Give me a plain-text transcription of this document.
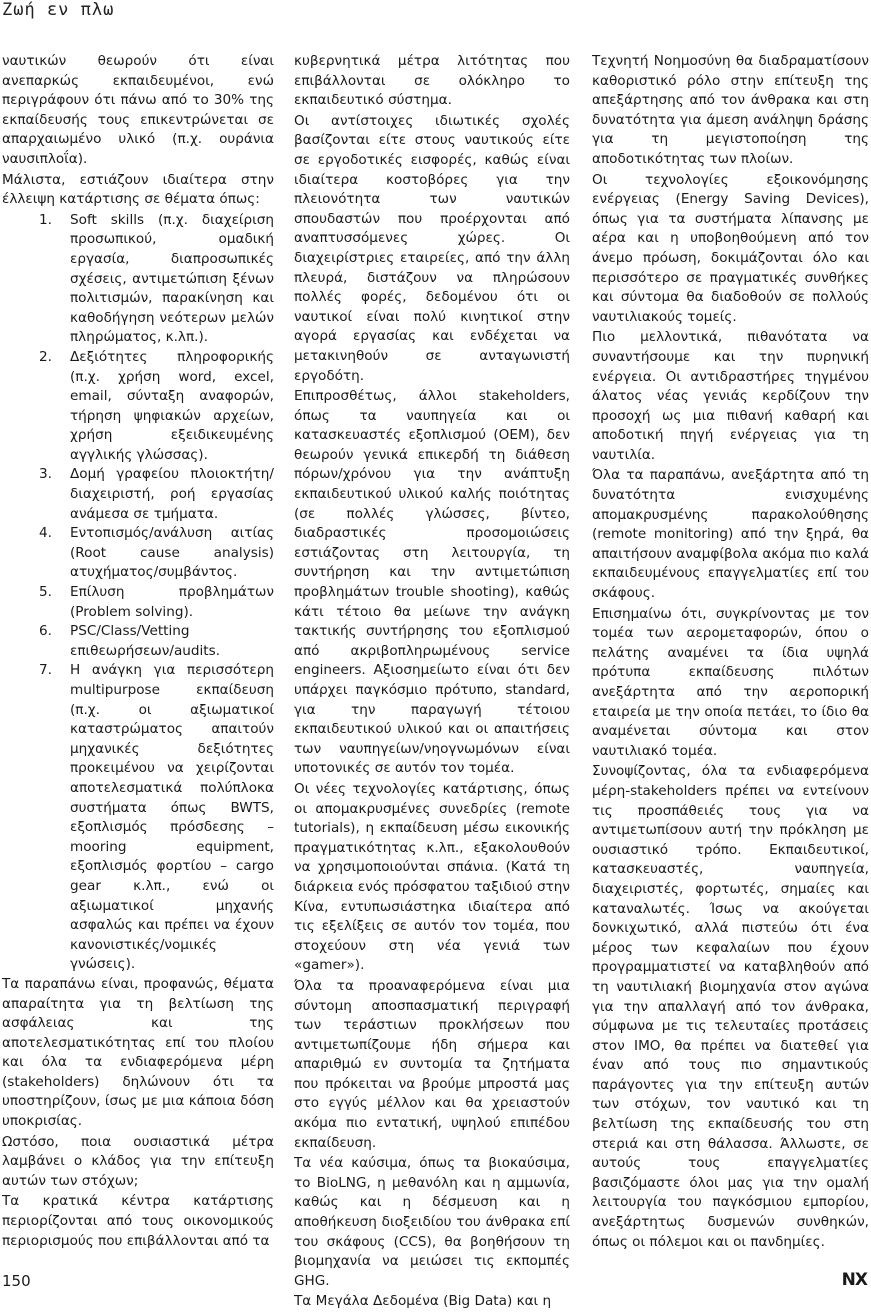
Ζωή εν πλω

ναυτικών θεωρούν ότι είναι ανεπαρκώς εκπαιδευμένοι, ενώ περιγράφουν ότι πάνω από το 30% της εκπαίδευσής τους επικεντρώνεται σε απαρχαιωμένο υλικό (π.χ. ουράνια ναυσιπλοΐα).

Μάλιστα, εστιάζουν ιδιαίτερα στην έλλειψη κατάρτισης σε θέματα όπως:

1. Soft skills (π.χ. διαχείριση προσωπικού, ομαδική εργασία, διαπροσωπικές σχέσεις, αντιμετώπιση ξένων πολιτισμών, παρακίνηση και καθοδήγηση νεότερων μελών πληρώματος, κ.λπ.).
2. Δεξιότητες πληροφορικής (π.χ. χρήση word, excel, email, σύνταξη αναφορών, τήρηση ψηφιακών αρχείων, χρήση εξειδικευμένης αγγλικής γλώσσας).
3. Δομή γραφείου πλοιοκτήτη/διαχειριστή, ροή εργασίας ανάμεσα σε τμήματα.
4. Εντοπισμός/ανάλυση αιτίας (Root cause analysis) ατυχήματος/συμβάντος.
5. Επίλυση προβλημάτων (Problem solving).
6. PSC/Class/Vetting επιθεωρήσεων/audits.
7. Η ανάγκη για περισσότερη multipurpose εκπαίδευση (π.χ. οι αξιωματικοί καταστρώματος απαιτούν μηχανικές δεξιότητες προκειμένου να χειρίζονται αποτελεσματικά πολύπλοκα συστήματα όπως BWTS, εξοπλισμός πρόσδεσης – mooring equipment, εξοπλισμός φορτίου – cargo gear κ.λπ., ενώ οι αξιωματικοί μηχανής ασφαλώς και πρέπει να έχουν κανονιστικές/νομικές γνώσεις).

Τα παραπάνω είναι, προφανώς, θέματα απαραίτητα για τη βελτίωση της ασφάλειας και της αποτελεσματικότητας επί του πλοίου και όλα τα ενδιαφερόμενα μέρη (stakeholders) δηλώνουν ότι τα υποστηρίζουν, ίσως με μια κάποια δόση υποκρισίας.

Ωστόσο, ποια ουσιαστικά μέτρα λαμβάνει ο κλάδος για την επίτευξη αυτών των στόχων;

Τα κρατικά κέντρα κατάρτισης περιορίζονται από τους οικονομικούς περιορισμούς που επιβάλλονται από τα

κυβερνητικά μέτρα λιτότητας που επιβάλλονται σε ολόκληρο το εκπαιδευτικό σύστημα.

Οι αντίστοιχες ιδιωτικές σχολές βασίζονται είτε στους ναυτικούς είτε σε εργοδοτικές εισφορές, καθώς είναι ιδιαίτερα κοστοβόρες για την πλειονότητα των ναυτικών σπουδαστών που προέρχονται από αναπτυσσόμενες χώρες. Οι διαχειρίστριες εταιρείες, από την άλλη πλευρά, διστάζουν να πληρώσουν πολλές φορές, δεδομένου ότι οι ναυτικοί είναι πολύ κινητικοί στην αγορά εργασίας και ενδέχεται να μετακινηθούν σε ανταγωνιστή εργοδότη.

Επιπροσθέτως, άλλοι stakeholders, όπως τα ναυπηγεία και οι κατασκευαστές εξοπλισμού (OEM), δεν θεωρούν γενικά επικερδή τη διάθεση πόρων/χρόνου για την ανάπτυξη εκπαιδευτικού υλικού καλής ποιότητας (σε πολλές γλώσσες, βίντεο, διαδραστικές προσομοιώσεις εστιάζοντας στη λειτουργία, τη συντήρηση και την αντιμετώπιση προβλημάτων trouble shooting), καθώς κάτι τέτοιο θα μείωνε την ανάγκη τακτικής συντήρησης του εξοπλισμού από ακριβοπληρωμένους service engineers. Αξιοσημείωτο είναι ότι δεν υπάρχει παγκόσμιο πρότυπο, standard, για την παραγωγή τέτοιου εκπαιδευτικού υλικού και οι απαιτήσεις των ναυπηγείων/νηογνωμόνων είναι υποτονικές σε αυτόν τον τομέα.

Οι νέες τεχνολογίες κατάρτισης, όπως οι απομακρυσμένες συνεδρίες (remote tutorials), η εκπαίδευση μέσω εικονικής πραγματικότητας κ.λπ., εξακολουθούν να χρησιμοποιούνται σπάνια. (Κατά τη διάρκεια ενός πρόσφατου ταξιδιού στην Κίνα, εντυπωσιάστηκα ιδιαίτερα από τις εξελίξεις σε αυτόν τον τομέα, που στοχεύουν στη νέα γενιά των «gamer»).

Όλα τα προαναφερόμενα είναι μια σύντομη αποσπασματική περιγραφή των τεράστιων προκλήσεων που αντιμετωπίζουμε ήδη σήμερα και απαριθμώ εν συντομία τα ζητήματα που πρόκειται να βρούμε μπροστά μας στο εγγύς μέλλον και θα χρειαστούν ακόμα πιο εντατική, υψηλού επιπέδου εκπαίδευση.

Τα νέα καύσιμα, όπως τα βιοκαύσιμα, το BioLNG, η μεθανόλη και η αμμωνία, καθώς και η δέσμευση και η αποθήκευση διοξειδίου του άνθρακα επί του σκάφους (CCS), θα βοηθήσουν τη βιομηχανία να μειώσει τις εκπομπές GHG.

Τα Μεγάλα Δεδομένα (Big Data) και η

Τεχνητή Νοημοσύνη θα διαδραματίσουν καθοριστικό ρόλο στην επίτευξη της απεξάρτησης από τον άνθρακα και στη δυνατότητα για άμεση ανάληψη δράσης για τη μεγιστοποίηση της αποδοτικότητας των πλοίων.

Οι τεχνολογίες εξοικονόμησης ενέργειας (Energy Saving Devices), όπως για τα συστήματα λίπανσης με αέρα και η υποβοηθούμενη από τον άνεμο πρόωση, δοκιμάζονται όλο και περισσότερο σε πραγματικές συνθήκες και σύντομα θα διαδοθούν σε πολλούς ναυτιλιακούς τομείς.

Πιο μελλοντικά, πιθανότατα να συναντήσουμε και την πυρηνική ενέργεια. Οι αντιδραστήρες τηγμένου άλατος νέας γενιάς κερδίζουν την προσοχή ως μια πιθανή καθαρή και αποδοτική πηγή ενέργειας για τη ναυτιλία.

Όλα τα παραπάνω, ανεξάρτητα από τη δυνατότητα ενισχυμένης απομακρυσμένης παρακολούθησης (remote monitoring) από την ξηρά, θα απαιτήσουν αναμφίβολα ακόμα πιο καλά εκπαιδευμένους επαγγελματίες επί του σκάφους.

Επισημαίνω ότι, συγκρίνοντας με τον τομέα των αερομεταφορών, όπου ο πελάτης αναμένει τα ίδια υψηλά πρότυπα εκπαίδευσης πιλότων ανεξάρτητα από την αεροπορική εταιρεία με την οποία πετάει, το ίδιο θα αναμένεται σύντομα και στον ναυτιλιακό τομέα.

Συνοψίζοντας, όλα τα ενδιαφερόμενα μέρη-stakeholders πρέπει να εντείνουν τις προσπάθειές τους για να αντιμετωπίσουν αυτή την πρόκληση με ουσιαστικό τρόπο. Εκπαιδευτικοί, κατασκευαστές, ναυπηγεία, διαχειριστές, φορτωτές, σημαίες και καταναλωτές. Ίσως να ακούγεται δονκιχωτικό, αλλά πιστεύω ότι ένα μέρος των κεφαλαίων που έχουν προγραμματιστεί να καταβληθούν από τη ναυτιλιακή βιομηχανία στον αγώνα για την απαλλαγή από τον άνθρακα, σύμφωνα με τις τελευταίες προτάσεις στον IMO, θα πρέπει να διατεθεί για έναν από τους πιο σημαντικούς παράγοντες για την επίτευξη αυτών των στόχων, τον ναυτικό και τη βελτίωση της εκπαίδευσής του στη στεριά και στη θάλασσα. Άλλωστε, σε αυτούς τους επαγγελματίες βασιζόμαστε όλοι μας για την ομαλή λειτουργία του παγκόσμιου εμπορίου, ανεξάρτητως δυσμενών συνθηκών, όπως οι πόλεμοι και οι πανδημίες.

150	NX
